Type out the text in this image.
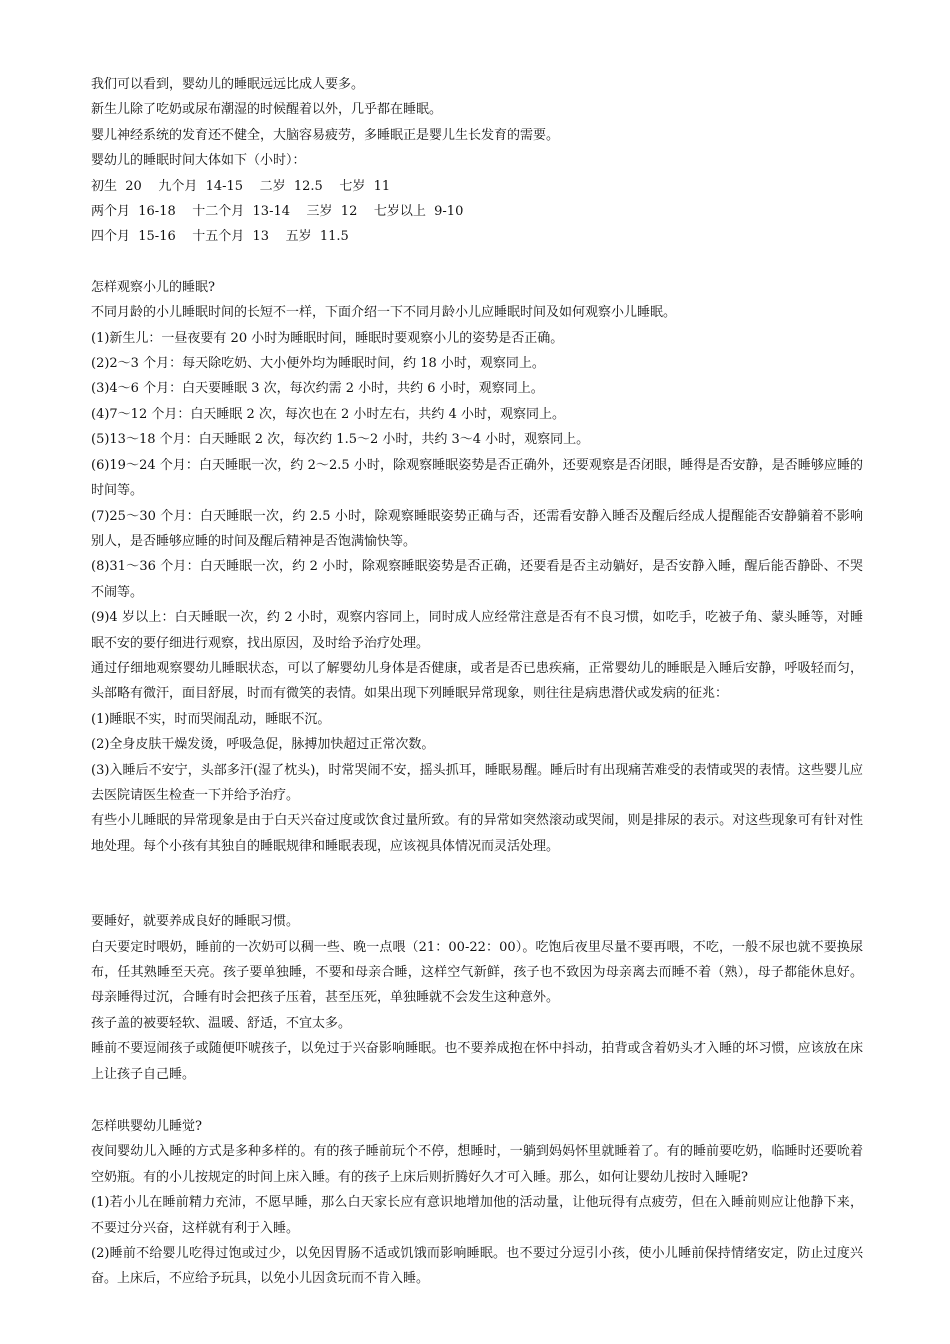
我们可以看到，婴幼儿的睡眠远远比成人要多。

新生儿除了吃奶或尿布潮湿的时候醒着以外，几乎都在睡眠。

婴儿神经系统的发育还不健全，大脑容易疲劳，多睡眠正是婴儿生长发育的需要。

婴幼儿的睡眠时间大体如下（小时）：

初生  20    九个月  14-15    二岁  12.5    七岁  11

两个月  16-18    十二个月  13-14    三岁  12    七岁以上  9-10

四个月  15-16    十五个月  13    五岁  11.5

怎样观察小儿的睡眠?

不同月龄的小儿睡眠时间的长短不一样，下面介绍一下不同月龄小儿应睡眠时间及如何观察小儿睡眠。

(1)新生儿：一昼夜要有 20 小时为睡眠时间，睡眠时要观察小儿的姿势是否正确。

(2)2～3 个月：每天除吃奶、大小便外均为睡眠时间，约 18 小时，观察同上。

(3)4～6 个月：白天要睡眠 3 次，每次约需 2 小时，共约 6 小时，观察同上。

(4)7～12 个月：白天睡眠 2 次，每次也在 2 小时左右，共约 4 小时，观察同上。

(5)13～18 个月：白天睡眠 2 次，每次约 1.5～2 小时，共约 3～4 小时，观察同上。

(6)19～24 个月：白天睡眠一次，约 2～2.5 小时，除观察睡眠姿势是否正确外，还要观察是否闭眼，睡得是否安静，是否睡够应睡的时间等。

(7)25～30 个月：白天睡眠一次，约 2.5 小时，除观察睡眠姿势正确与否，还需看安静入睡否及醒后经成人提醒能否安静躺着不影响别人，是否睡够应睡的时间及醒后精神是否饱满愉快等。

(8)31～36 个月：白天睡眠一次，约 2 小时，除观察睡眠姿势是否正确，还要看是否主动躺好，是否安静入睡，醒后能否静卧、不哭不闹等。

(9)4 岁以上：白天睡眠一次，约 2 小时，观察内容同上，同时成人应经常注意是否有不良习惯，如吃手，吃被子角、蒙头睡等，对睡眠不安的要仔细进行观察，找出原因，及时给予治疗处理。

通过仔细地观察婴幼儿睡眠状态，可以了解婴幼儿身体是否健康，或者是否已患疾痛，正常婴幼儿的睡眠是入睡后安静，呼吸轻而匀，头部略有微汗，面目舒展，时而有微笑的表情。如果出现下列睡眠异常现象，则往往是病患潜伏或发病的征兆：

(1)睡眠不实，时而哭闹乱动，睡眠不沉。

(2)全身皮肤干燥发烫，呼吸急促，脉搏加快超过正常次数。

(3)入睡后不安宁，头部多汗(湿了枕头)，时常哭闹不安，摇头抓耳，睡眠易醒。睡后时有出现痛苦难受的表情或哭的表情。这些婴儿应去医院请医生检查一下并给予治疗。

有些小儿睡眠的异常现象是由于白天兴奋过度或饮食过量所致。有的异常如突然滚动或哭闹，则是排尿的表示。对这些现象可有针对性地处理。每个小孩有其独自的睡眠规律和睡眠表现，应该视具体情况而灵活处理。

要睡好，就要养成良好的睡眠习惯。

白天要定时喂奶，睡前的一次奶可以稠一些、晚一点喂（21：00-22：00）。吃饱后夜里尽量不要再喂，不吃，一般不尿也就不要换尿布，任其熟睡至天亮。孩子要单独睡，不要和母亲合睡，这样空气新鲜，孩子也不致因为母亲离去而睡不着（熟），母子都能休息好。母亲睡得过沉，合睡有时会把孩子压着，甚至压死，单独睡就不会发生这种意外。

孩子盖的被要轻软、温暖、舒适，不宜太多。

睡前不要逗闹孩子或随便吓唬孩子，以免过于兴奋影响睡眠。也不要养成抱在怀中抖动，拍背或含着奶头才入睡的坏习惯，应该放在床上让孩子自己睡。

怎样哄婴幼儿睡觉?

夜间婴幼儿入睡的方式是多种多样的。有的孩子睡前玩个不停，想睡时，一躺到妈妈怀里就睡着了。有的睡前要吃奶，临睡时还要吮着空奶瓶。有的小儿按规定的时间上床入睡。有的孩子上床后则折腾好久才可入睡。那么，如何让婴幼儿按时入睡呢?

(1)若小儿在睡前精力充沛，不愿早睡，那么白天家长应有意识地增加他的活动量，让他玩得有点疲劳，但在入睡前则应让他静下来，不要过分兴奋，这样就有利于入睡。

(2)睡前不给婴儿吃得过饱或过少，以免因胃肠不适或饥饿而影响睡眠。也不要过分逗引小孩，使小儿睡前保持情绪安定，防止过度兴奋。上床后，不应给予玩具，以免小儿因贪玩而不肯入睡。
